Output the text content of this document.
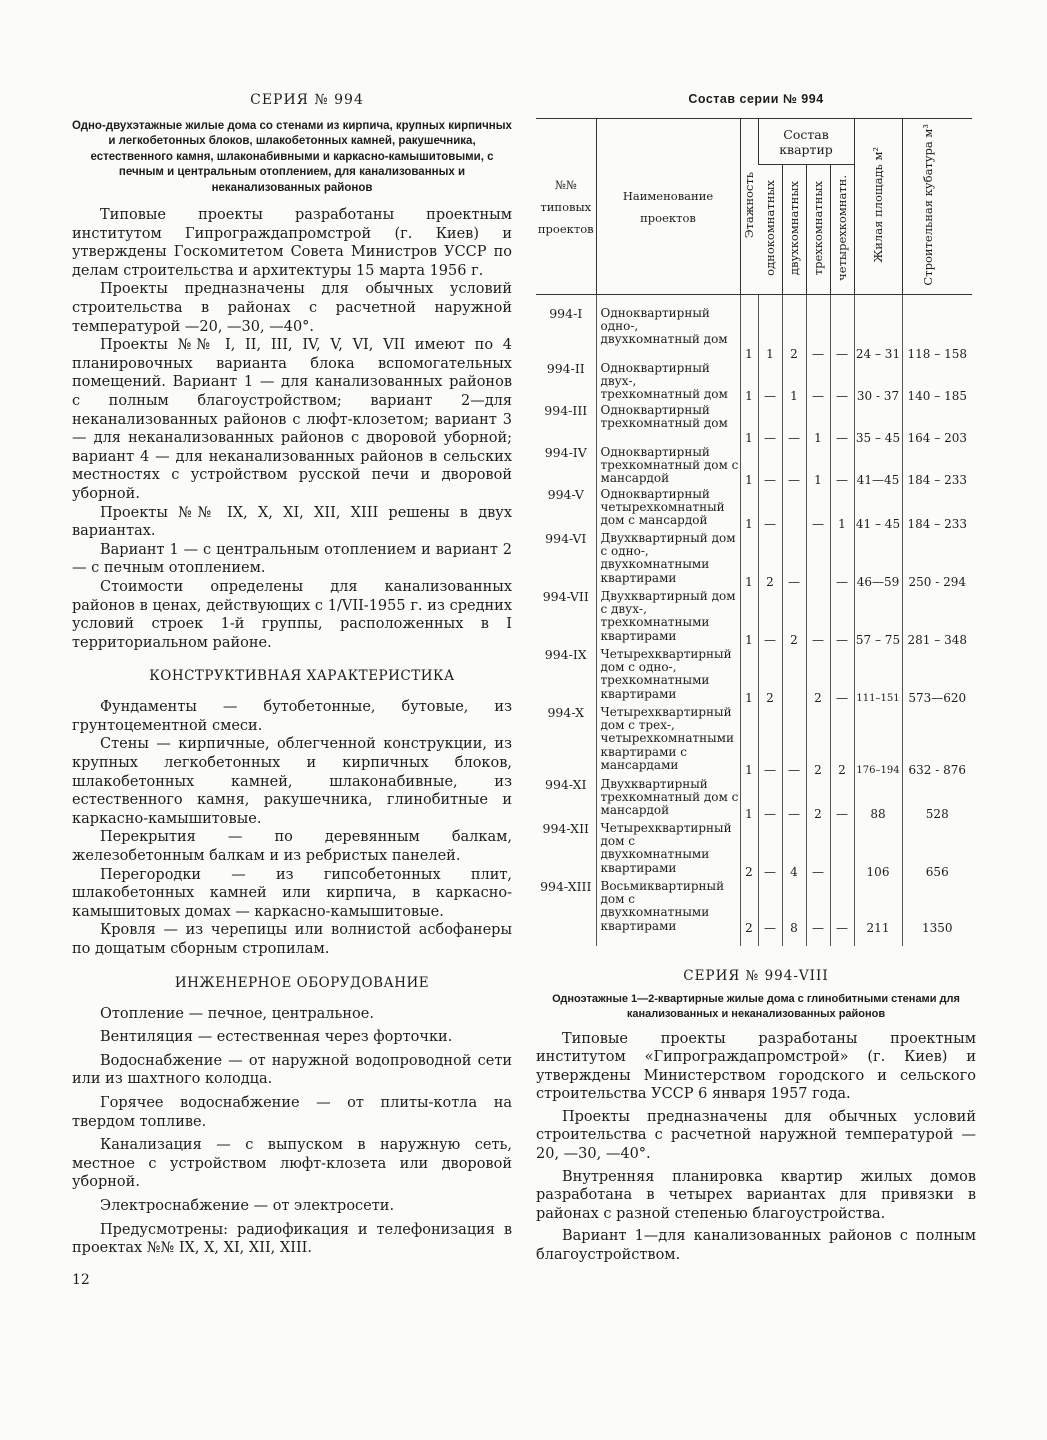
СЕРИЯ № 994
Одно-двухэтажные жилые дома со стенами из кирпича, крупных кирпичных и легкобетонных блоков, шлакобетонных камней, ракушечника, естественного камня, шлаконабивными и каркасно-камышитовыми, с печным и центральным отоплением, для канализованных и неканализованных районов

Типовые проекты разработаны проектным институтом Гипрограждапромстрой (г. Киев) и утверждены Госкомитетом Совета Министров УССР по делам строительства и архитектуры 15 марта 1956 г.

Проекты предназначены для обычных условий строительства в районах с расчетной наружной температурой —20, —30, —40°.

Проекты №№ I, II, III, IV, V, VI, VII имеют по 4 планировочных варианта блока вспомогательных помещений. Вариант 1 — для канализованных районов с полным благоустройством; вариант 2—для неканализованных районов с люфт-клозетом; вариант 3 — для неканализованных районов с дворовой уборной; вариант 4 — для неканализованных районов в сельских местностях с устройством русской печи и дворовой уборной.

Проекты №№ IX, X, XI, XII, XIII решены в двух вариантах.

Вариант 1 — с центральным отоплением и вариант 2 — с печным отоплением.

Стоимости определены для канализованных районов в ценах, действующих с 1/VII-1955 г. из средних условий строек 1-й группы, расположенных в I территориальном районе.

КОНСТРУКТИВНАЯ ХАРАКТЕРИСТИКА

Фундаменты — бутобетонные, бутовые, из грунтоцементной смеси.

Стены — кирпичные, облегченной конструкции, из крупных легкобетонных и кирпичных блоков, шлакобетонных камней, шлаконабивные, из естественного камня, ракушечника, глинобитные и каркасно-камышитовые.

Перекрытия — по деревянным балкам, железобетонным балкам и из ребристых панелей.

Перегородки — из гипсобетонных плит, шлакобетонных камней или кирпича, в каркасно-камышитовых домах — каркасно-камышитовые.

Кровля — из черепицы или волнистой асбофанеры по дощатым сборным стропилам.

ИНЖЕНЕРНОЕ ОБОРУДОВАНИЕ

Отопление — печное, центральное.

Вентиляция — естественная через форточки.

Водоснабжение — от наружной водопроводной сети или из шахтного колодца.

Горячее водоснабжение — от плиты-котла на твердом топливе.

Канализация — с выпуском в наружную сеть, местное с устройством люфт-клозета или дворовой уборной.

Электроснабжение — от электросети.

Предусмотрены: радиофикация и телефонизация в проектах №№ IX, X, XI, XII, XIII.

12
Состав серии № 994
№№ типовых проектов	Наименование проектов	Этажность	Состав квартир				Жилая площадь м²	Строительная кубатура м³
			однокомнатных	двухкомнатных	трехкомнатных	четырехкомнатн.		

994-I	Одноквартирный одно-, двухкомнатный дом	1	1	2	—	—	24 – 31	118 – 158
994-II	Одноквартирный двух-, трехкомнатный дом	1	—	1	—	—	30 - 37	140 – 185
994-III	Одноквартирный трехкомнатный дом	1	—	—	1	—	35 – 45	164 – 203
994-IV	Одноквартирный трехкомнатный дом с мансардой	1	—	—	1	—	41—45	184 – 233
994-V	Одноквартирный четырехкомнатный дом с мансардой	1	—		—	1	41 – 45	184 – 233
994-VI	Двухквартирный дом с одно-, двухкомнатными квартирами	1	2	—		—	46—59	250 - 294
994-VII	Двухквартирный дом с двух-, трехкомнатными квартирами	1	—	2	—	—	57 – 75	281 – 348
994-IX	Четырехквартирный дом с одно-, трехкомнатными квартирами	1	2		2	—	111–151	573—620
994-X	Четырехквартирный дом с трех-, четырехкомнатными квартирами с мансардами	1	—	—	2	2	176–194	632 - 876
994-XI	Двухквартирный трехкомнатный дом с мансардой	1	—	—	2	—	88	528
994-XII	Четырехквартирный дом с двухкомнатными квартирами	2	—	4	—		106	656
994-XIII	Восьмиквартирный дом с двухкомнатными квартирами	2	—	8	—	—	211	1350
СЕРИЯ № 994-VIII
Одноэтажные 1—2-квартирные жилые дома с глинобитными стенами для канализованных и неканализованных районов

Типовые проекты разработаны проектным институтом «Гипрограждапромстрой» (г. Киев) и утверждены Министерством городского и сельского строительства УССР 6 января 1957 года.

Проекты предназначены для обычных условий строительства с расчетной наружной температурой —20, —30, —40°.

Внутренняя планировка квартир жилых домов разработана в четырех вариантах для привязки в районах с разной степенью благоустройства.

Вариант 1—для канализованных районов с полным благоустройством.
